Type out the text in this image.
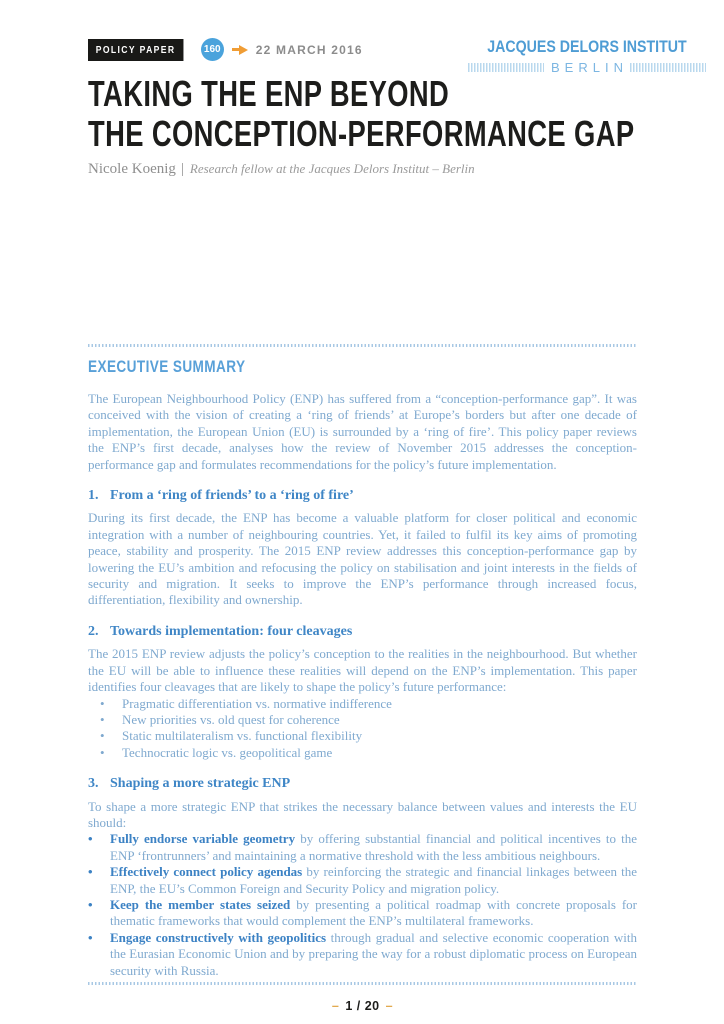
POLICY PAPER	160	22 MARCH 2016	JACQUES DELORS INSTITUT
BERLIN
TAKING THE ENP BEYOND
THE CONCEPTION-PERFORMANCE GAP
Nicole Koenig | Research fellow at the Jacques Delors Institut – Berlin
EXECUTIVE SUMMARY

The European Neighbourhood Policy (ENP) has suffered from a “conception-performance gap”. It was conceived with the vision of creating a ‘ring of friends’ at Europe’s borders but after one decade of implementation, the European Union (EU) is surrounded by a ‘ring of fire’. This policy paper reviews the ENP’s first decade, analyses how the review of November 2015 addresses the conception-performance gap and formulates recommendations for the policy’s future implementation.

1. From a ‘ring of friends’ to a ‘ring of fire’

During its first decade, the ENP has become a valuable platform for closer political and economic integration with a number of neighbouring countries. Yet, it failed to fulfil its key aims of promoting peace, stability and prosperity. The 2015 ENP review addresses this conception-performance gap by lowering the EU’s ambition and refocusing the policy on stabilisation and joint interests in the fields of security and migration. It seeks to improve the ENP’s performance through increased focus, differentiation, flexibility and ownership.

2. Towards implementation: four cleavages

The 2015 ENP review adjusts the policy’s conception to the realities in the neighbourhood. But whether the EU will be able to influence these realities will depend on the ENP’s implementation. This paper identifies four cleavages that are likely to shape the policy’s future performance:

• Pragmatic differentiation vs. normative indifference
• New priorities vs. old quest for coherence
• Static multilateralism vs. functional flexibility
• Technocratic logic vs. geopolitical game
3. Shaping a more strategic ENP

To shape a more strategic ENP that strikes the necessary balance between values and interests the EU should:

• Fully endorse variable geometry by offering substantial financial and political incentives to the ENP ‘frontrunners’ and maintaining a normative threshold with the less ambitious neighbours.
• Effectively connect policy agendas by reinforcing the strategic and financial linkages between the ENP, the EU’s Common Foreign and Security Policy and migration policy.
• Keep the member states seized by presenting a political roadmap with concrete proposals for thematic frameworks that would complement the ENP’s multilateral frameworks.
• Engage constructively with geopolitics through gradual and selective economic cooperation with the Eurasian Economic Union and by preparing the way for a robust diplomatic process on European security with Russia.
– 1 / 20 –
